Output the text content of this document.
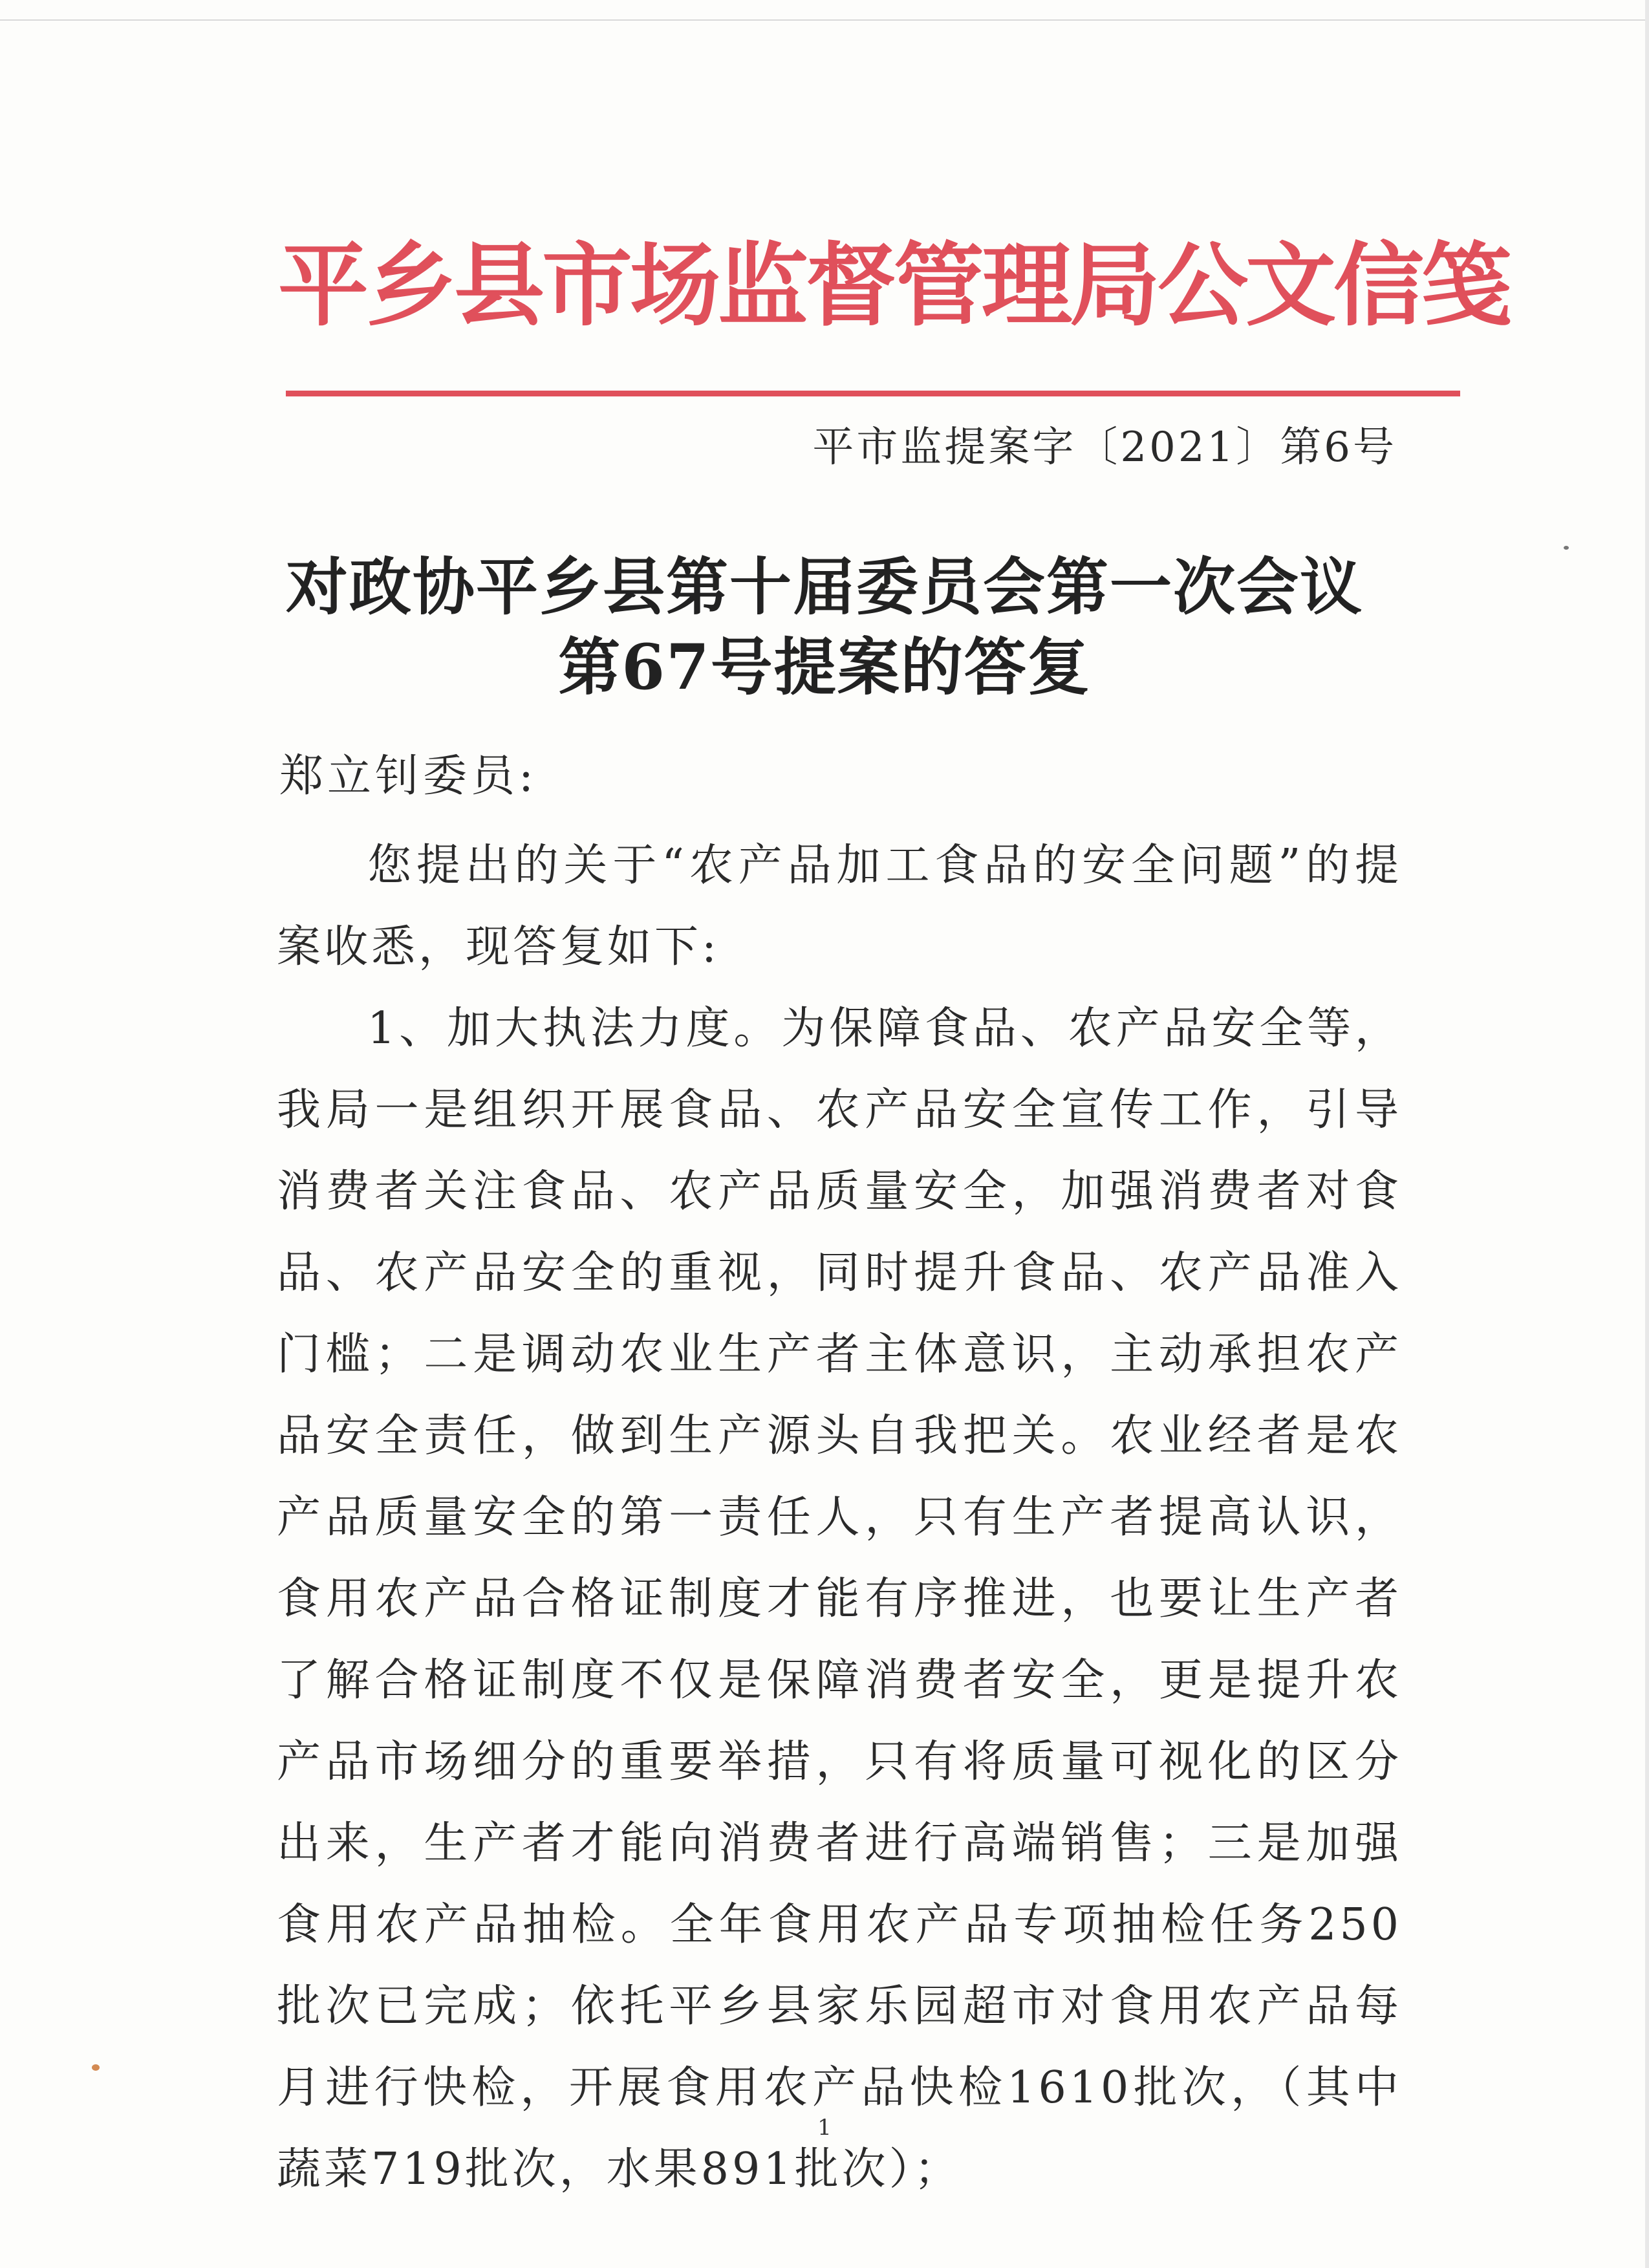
平乡县市场监督管理局公文信笺
平市监提案字〔2021〕第6号
对政协平乡县第十届委员会第一次会议
第67号提案的答复
郑立钊委员:
您提出的关于“农产品加工食品的安全问题”的提案收悉，现答复如下:
1、加大执法力度。为保障食品、农产品安全等，我局一是组织开展食品、农产品安全宣传工作，引导消费者关注食品、农产品质量安全，加强消费者对食品、农产品安全的重视，同时提升食品、农产品准入门槛；二是调动农业生产者主体意识，主动承担农产品安全责任，做到生产源头自我把关。农业经者是农产品质量安全的第一责任人，只有生产者提高认识，食用农产品合格证制度才能有序推进，也要让生产者了解合格证制度不仅是保障消费者安全，更是提升农产品市场细分的重要举措，只有将质量可视化的区分出来，生产者才能向消费者进行高端销售；三是加强食用农产品抽检。全年食用农产品专项抽检任务250批次已完成；依托平乡县家乐园超市对食用农产品每月进行快检，开展食用农产品快检1610批次，（其中蔬菜719批次，水果891批次）；
1
